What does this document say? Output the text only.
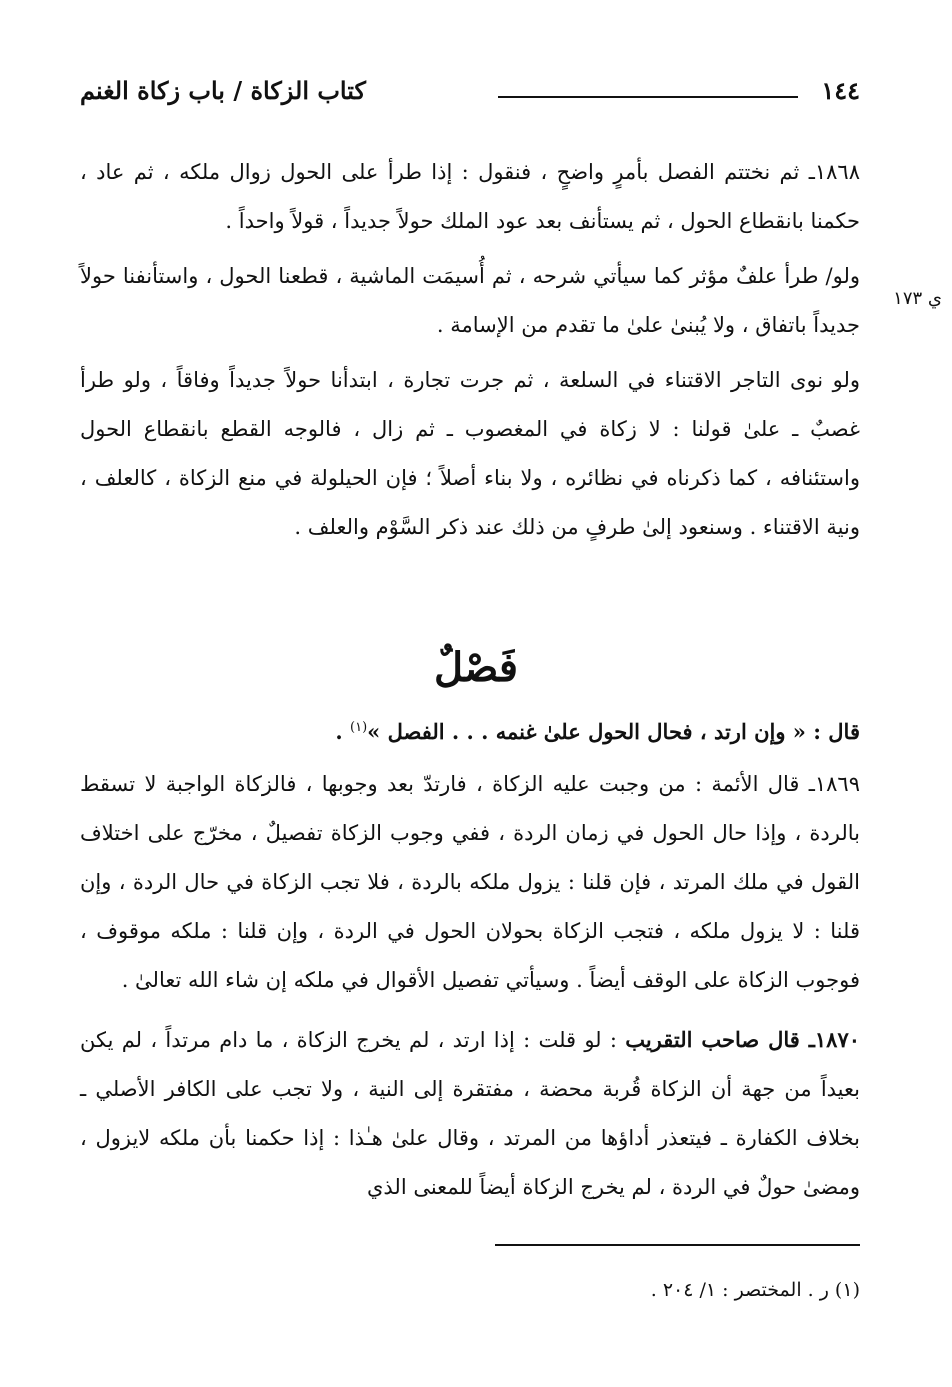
١٤٤
كتاب الزكاة / باب زكاة الغنم
ي ١٧٣

١٨٦٨ـ ثم نختتم الفصل بأمرٍ واضحٍ ، فنقول : إذا طرأ على الحول زوال ملكه ، ثم عاد ، حكمنا بانقطاع الحول ، ثم يستأنف بعد عود الملك حولاً جديداً ، قولاً واحداً .

ولو/ طرأ علفٌ مؤثر كما سيأتي شرحه ، ثم أُسيمَت الماشية ، قطعنا الحول ، واستأنفنا حولاً جديداً باتفاق ، ولا يُبنىٰ علىٰ ما تقدم من الإسامة .

ولو نوى التاجر الاقتناء في السلعة ، ثم جرت تجارة ، ابتدأنا حولاً جديداً وفاقاً ، ولو طرأ غصبٌ ـ علىٰ قولنا : لا زكاة في المغصوب ـ ثم زال ، فالوجه القطع بانقطاع الحول واستئنافه ، كما ذكرناه في نظائره ، ولا بناء أصلاً ؛ فإن الحيلولة في منع الزكاة ، كالعلف ، ونية الاقتناء . وسنعود إلىٰ طرفٍ من ذلك عند ذكر السَّوْم والعلف .

فَصْلٌ
قال : « وإن ارتد ، فحال الحول علىٰ غنمه . . . الفصل »$^{(١)}$ .

١٨٦٩ـ قال الأئمة : من وجبت عليه الزكاة ، فارتدّ بعد وجوبها ، فالزكاة الواجبة لا تسقط بالردة ، وإذا حال الحول في زمان الردة ، ففي وجوب الزكاة تفصيلٌ ، مخرّج على اختلاف القول في ملك المرتد ، فإن قلنا : يزول ملكه بالردة ، فلا تجب الزكاة في حال الردة ، وإن قلنا : لا يزول ملكه ، فتجب الزكاة بحولان الحول في الردة ، وإن قلنا : ملكه موقوف ، فوجوب الزكاة على الوقف أيضاً . وسيأتي تفصيل الأقوال في ملكه إن شاء الله تعالىٰ .

١٨٧٠ـ قال صاحب التقريب : لو قلت : إذا ارتد ، لم يخرج الزكاة ، ما دام مرتداً ، لم يكن بعيداً من جهة أن الزكاة قُربة محضة ، مفتقرة إلى النية ، ولا تجب على الكافر الأصلي ـ بخلاف الكفارة ـ فيتعذر أداؤها من المرتد ، وقال علىٰ هـٰذا : إذا حكمنا بأن ملكه لايزول ، ومضىٰ حولٌ في الردة ، لم يخرج الزكاة أيضاً للمعنى الذي

(١) ر . المختصر : ١/ ٢٠٤ .
